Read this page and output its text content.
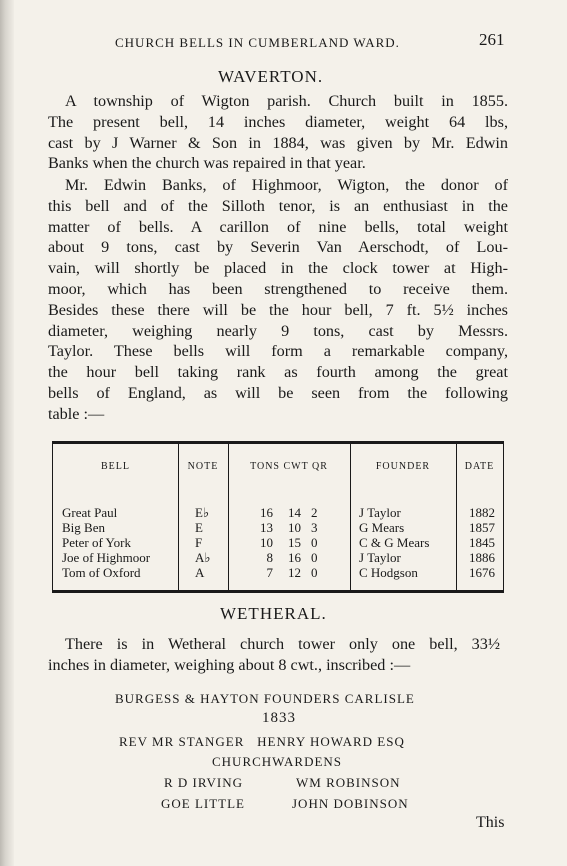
CHURCH BELLS IN CUMBERLAND WARD.	261
WAVERTON.
A township of Wigton parish. Church built in 1855.
The present bell, 14 inches diameter, weight 64 lbs,
cast by J Warner & Son in 1884, was given by Mr. Edwin
Banks when the church was repaired in that year.
Mr. Edwin Banks, of Highmoor, Wigton, the donor of
this bell and of the Silloth tenor, is an enthusiast in the
matter of bells. A carillon of nine bells, total weight
about 9 tons, cast by Severin Van Aerschodt, of Lou-
vain, will shortly be placed in the clock tower at High-
moor, which has been strengthened to receive them.
Besides these there will be the hour bell, 7 ft. 5½ inches
diameter, weighing nearly 9 tons, cast by Messrs.
Taylor. These bells will form a remarkable company,
the hour bell taking rank as fourth among the great
bells of England, as will be seen from the following
table :—
BELL	NOTE	TONS CWT QR	FOUNDER	DATE
Great Paul	E♭	16	14 2	J Taylor	1882
Big Ben	E	13	10 3	G Mears	1857
Peter of York	F	10	15 0	C & G Mears	1845
Joe of Highmoor	A♭	8	16 0	J Taylor	1886
Tom of Oxford	A	7	12 0	C Hodgson	1676
WETHERAL.
There is in Wetheral church tower only one bell, 33½
inches in diameter, weighing about 8 cwt., inscribed :—
BURGESS & HAYTON FOUNDERS CARLISLE
1833
REV MR STANGER   HENRY HOWARD ESQ
CHURCHWARDENS
R D IRVING	WM ROBINSON
GOE LITTLE	JOHN DOBINSON
This
